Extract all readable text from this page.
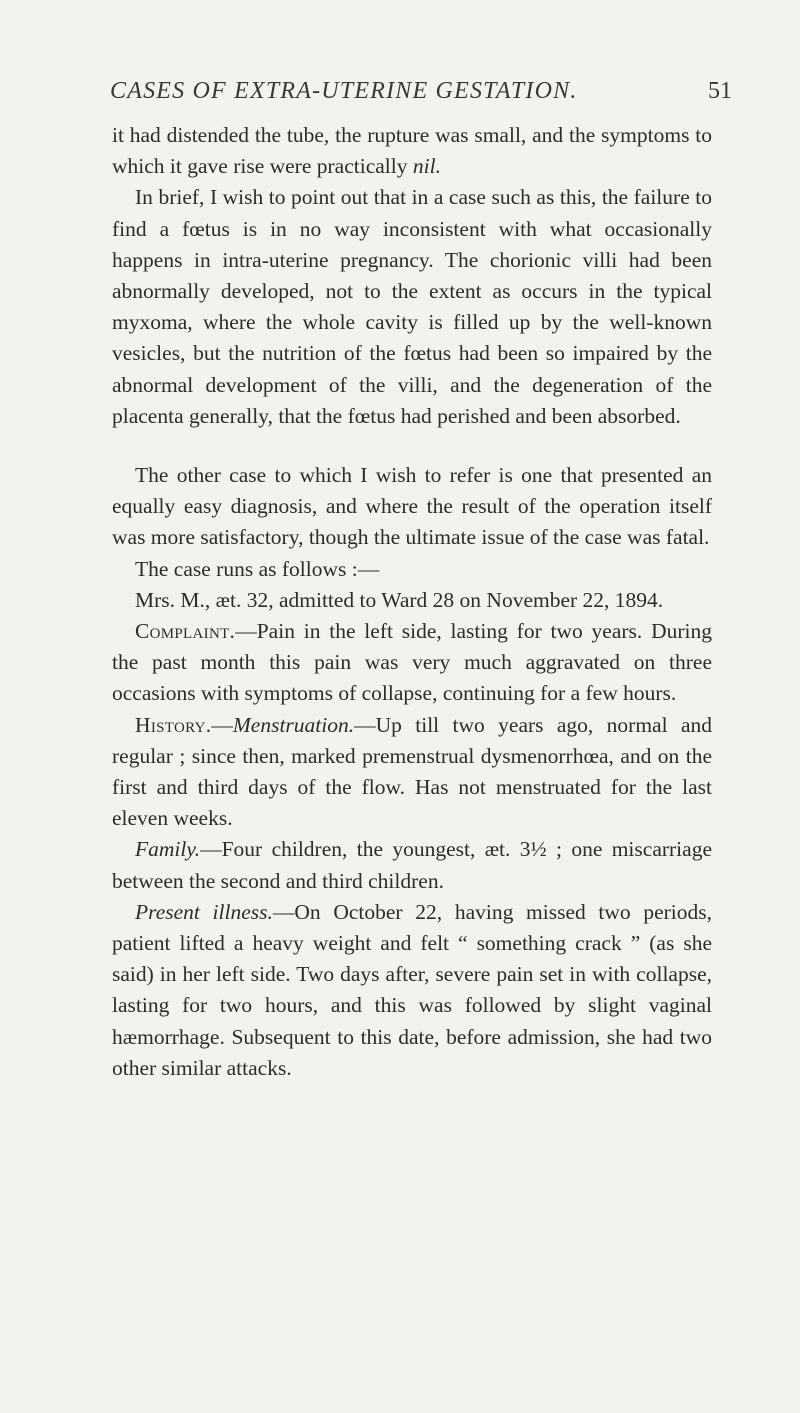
CASES OF EXTRA-UTERINE GESTATION.	51

it had distended the tube, the rupture was small, and the symptoms to which it gave rise were practically nil.

In brief, I wish to point out that in a case such as this, the failure to find a fœtus is in no way inconsistent with what occasionally happens in intra-uterine pregnancy. The chorionic villi had been abnormally developed, not to the extent as occurs in the typical myxoma, where the whole cavity is filled up by the well-known vesicles, but the nutrition of the fœtus had been so impaired by the abnormal development of the villi, and the degeneration of the placenta generally, that the fœtus had perished and been absorbed.

The other case to which I wish to refer is one that presented an equally easy diagnosis, and where the result of the operation itself was more satisfactory, though the ultimate issue of the case was fatal.

The case runs as follows :—

Mrs. M., æt. 32, admitted to Ward 28 on November 22, 1894.

Complaint.—Pain in the left side, lasting for two years. During the past month this pain was very much aggravated on three occasions with symptoms of collapse, continuing for a few hours.

History.—Menstruation.—Up till two years ago, normal and regular ; since then, marked premenstrual dysmenorrhœa, and on the first and third days of the flow. Has not menstruated for the last eleven weeks.

Family.—Four children, the youngest, æt. 3½ ; one miscarriage between the second and third children.

Present illness.—On October 22, having missed two periods, patient lifted a heavy weight and felt “ something crack ” (as she said) in her left side. Two days after, severe pain set in with collapse, lasting for two hours, and this was followed by slight vaginal hæmorrhage. Subsequent to this date, before admission, she had two other similar attacks.
